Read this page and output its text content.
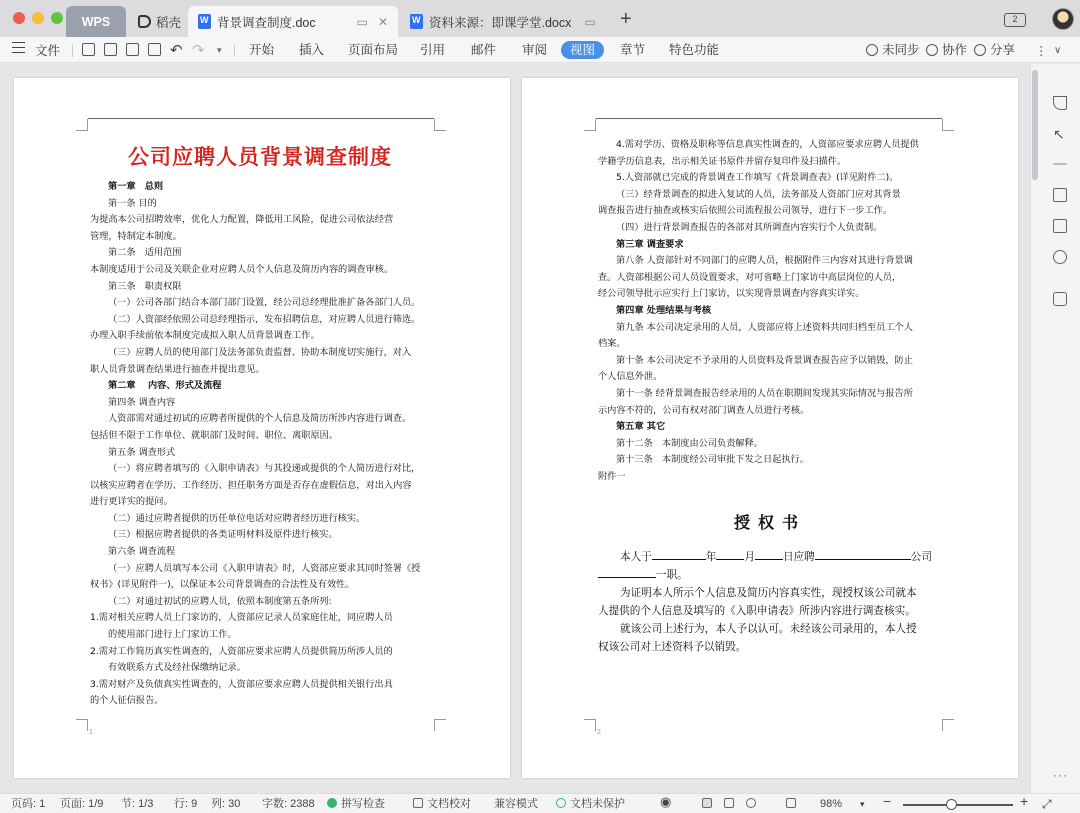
WPS	稻壳 W	背景调查制度.doc	▭ ✕ W	资料来源：即课学堂.docx	▭ +	2
文件	↶ ↷ ▾ 开始 插入 页面布局 引用 邮件 审阅	视图	章节 特色功能	未同步 协作 分享 ⋮ ∨
公司应聘人员背景调查制度

第一章　总则

第一条 目的

为提高本公司招聘效率，优化人力配置，降低用工风险，促进公司依法经营

管理，特制定本制度。

第二条　适用范围

本制度适用于公司及关联企业对应聘人员个人信息及简历内容的调查审核。

第三条　职责权限

（一）公司各部门结合本部门部门设置，经公司总经理批准扩备各部门人员。

（二）人资部经依照公司总经理指示，发布招聘信息，对应聘人员进行筛选。

办理入职手续前依本制度完成拟入职人员背景调查工作。

（三）应聘人员的使用部门及法务部负责监督、协助本制度切实施行，对入

职人员背景调查结果进行抽查并提出意见。

第二章　 内容、形式及流程

第四条 调查内容

人资部需对通过初试的应聘者所提供的个人信息及简历所涉内容进行调查。

包括但不限于工作单位、就职部门及时间、职位、离职原因。

第五条 调查形式

（一）将应聘者填写的《入职申请表》与其投递或提供的个人简历进行对比，

以核实应聘者在学历、工作经历、担任职务方面是否存在虚假信息，对出入内容

进行更详实的提问。

（二）通过应聘者提供的历任单位电话对应聘者经历进行核实。

（三）根据应聘者提供的各类证明材料及原件进行核实。

第六条 调查流程

（一）应聘人员填写本公司《入职申请表》时，人资部应要求其同时签署《授

权书》(详见附件一)，以保证本公司背景调查的合法性及有效性。

（二）对通过初试的应聘人员，依照本制度第五条所列:

1.需对相关应聘人员上门家访的，人资部应记录人员家庭住址，同应聘人员

的使用部门进行上门家访工作。

2.需对工作简历真实性调查的，人资部应要求应聘人员提供简历所涉人员的

有效联系方式及经社保缴纳记录。

3.需对财产及负债真实性调查的，人资部应要求应聘人员提供相关银行出具

的个人征信报告。

1

4.需对学历、资格及职称等信息真实性调查的，人资部应要求应聘人员提供

学籍学历信息表，出示相关证书原件并留存复印件及扫描件。

5.人资部就已完成的背景调查工作填写《背景调查表》(详见附件二)。

（三）经背景调查的拟进入复试的人员，法务部及人资部门应对其背景

调查报告进行抽查或核实后依照公司流程报公司领导，进行下一步工作。

（四）进行背景调查报告的各部对其所调查内容实行个人负责制。

第三章 调查要求

第八条 人资部针对不同部门的应聘人员，根据附件三内容对其进行背景调

查。人资部根据公司人员设置要求，对可省略上门家访中高层岗位的人员，

经公司领导批示应实行上门家访，以实现背景调查内容真实详实。

第四章 处理结果与考核

第九条 本公司决定录用的人员，人资部应将上述资料共同归档至员工个人

档案。

第十条 本公司决定不予录用的人员资料及背景调查报告应予以销毁，防止

个人信息外泄。

第十一条 经背景调查报告经录用的人员在职期间发现其实际情况与报告所

示内容不符的，公司有权对部门调查人员进行考核。

第五章 其它

第十二条　本制度由公司负责解释。

第十三条　本制度经公司审批下发之日起执行。

附件一

授权书

本人于	年	月	日应聘	公司

一职。

为证明本人所示个人信息及简历内容真实性，现授权该公司就本

人提供的个人信息及填写的《入职申请表》所涉内容进行调查核实。

就该公司上述行为，本人予以认可。未经该公司录用的，本人授

权该公司对上述资料予以销毁。

2
↖
···
页码: 1 页面: 1/9 节: 1/3 行: 9 列: 30 字数: 2388	拼写检查	文档校对 兼容模式	文档未保护	◉	98% ▾ −	+ ⤢
